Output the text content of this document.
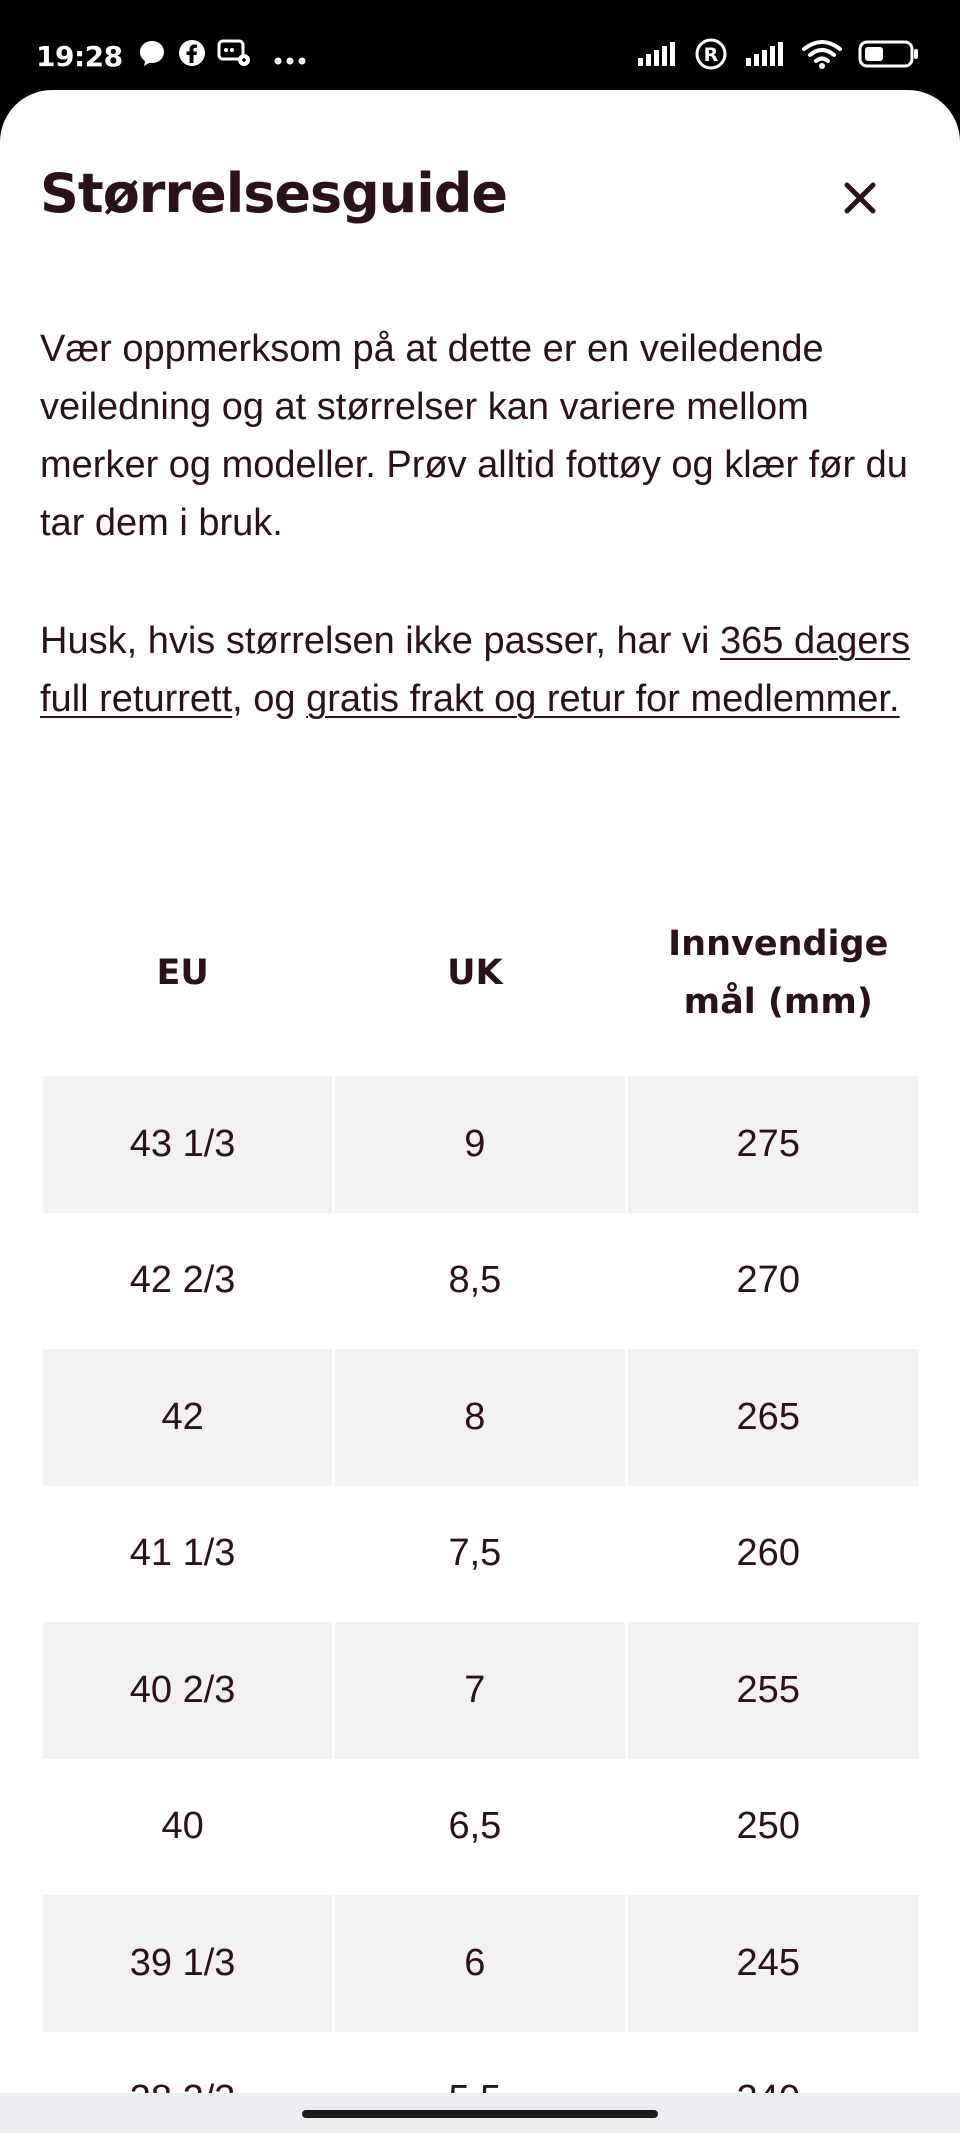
19:28	R
Størrelsesguide

Vær oppmerksom på at dette er en veiledende veiledning og at størrelser kan variere mellom merker og modeller. Prøv alltid fottøy og klær før du tar dem i bruk.

Husk, hvis størrelsen ikke passer, har vi 365 dagers full returrett, og gratis frakt og retur for medlemmer.

EU	UK	Innvendige mål (mm)
43 1/3	9	275
42 2/3	8,5	270
42	8	265
41 1/3	7,5	260
40 2/3	7	255
40	6,5	250
39 1/3	6	245
